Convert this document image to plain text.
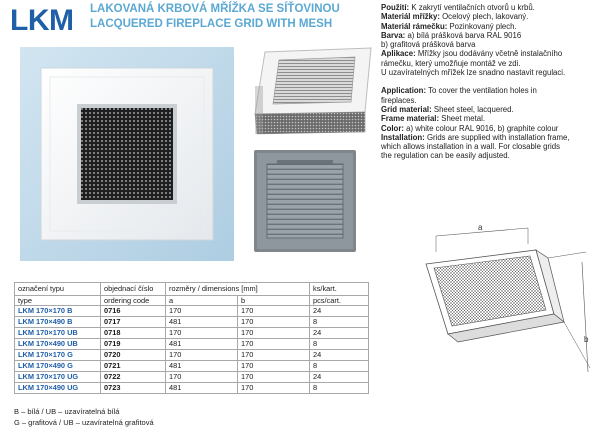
LKM	LAKOVANÁ KRBOVÁ MŘÍŽKA SE SÍŤOVINOU
LACQUERED FIREPLACE GRID WITH MESH
označení typu	objednací číslo	rozměry / dimensions [mm]		ks/kart.
type	ordering code	a	b	pcs/cart.
LKM 170×170 B	0716	170	170	24
LKM 170×490 B	0717	481	170	8
LKM 170×170 UB	0718	170	170	24
LKM 170×490 UB	0719	481	170	8
LKM 170×170 G	0720	170	170	24
LKM 170×490 G	0721	481	170	8
LKM 170×170 UG	0722	170	170	24
LKM 170×490 UG	0723	481	170	8
B – bílá / UB – uzavíratelná bílá
G – grafitová / UB – uzavíratelná grafitová

Použití: K zakrytí ventilačních otvorů u krbů.

Materiál mřížky: Ocelový plech, lakovaný.

Materiál rámečku: Pozinkovaný plech.

Barva: a) bílá prášková barva RAL 9016

b) grafitová prášková barva

Aplikace: Mřížky jsou dodávány včetně instalačního

rámečku, který umožňuje montáž ve zdi.

U uzavíratelných mřížek lze snadno nastavit regulaci.

Application: To cover the ventilation holes in

fireplaces.

Grid material: Sheet steel, lacquered.

Frame material: Sheet metal.

Color: a) white colour RAL 9016, b) graphite colour

Installation: Grids are supplied with installation frame,

which allows installation in a wall. For closable grids

the regulation can be easily adjusted.

a
b
